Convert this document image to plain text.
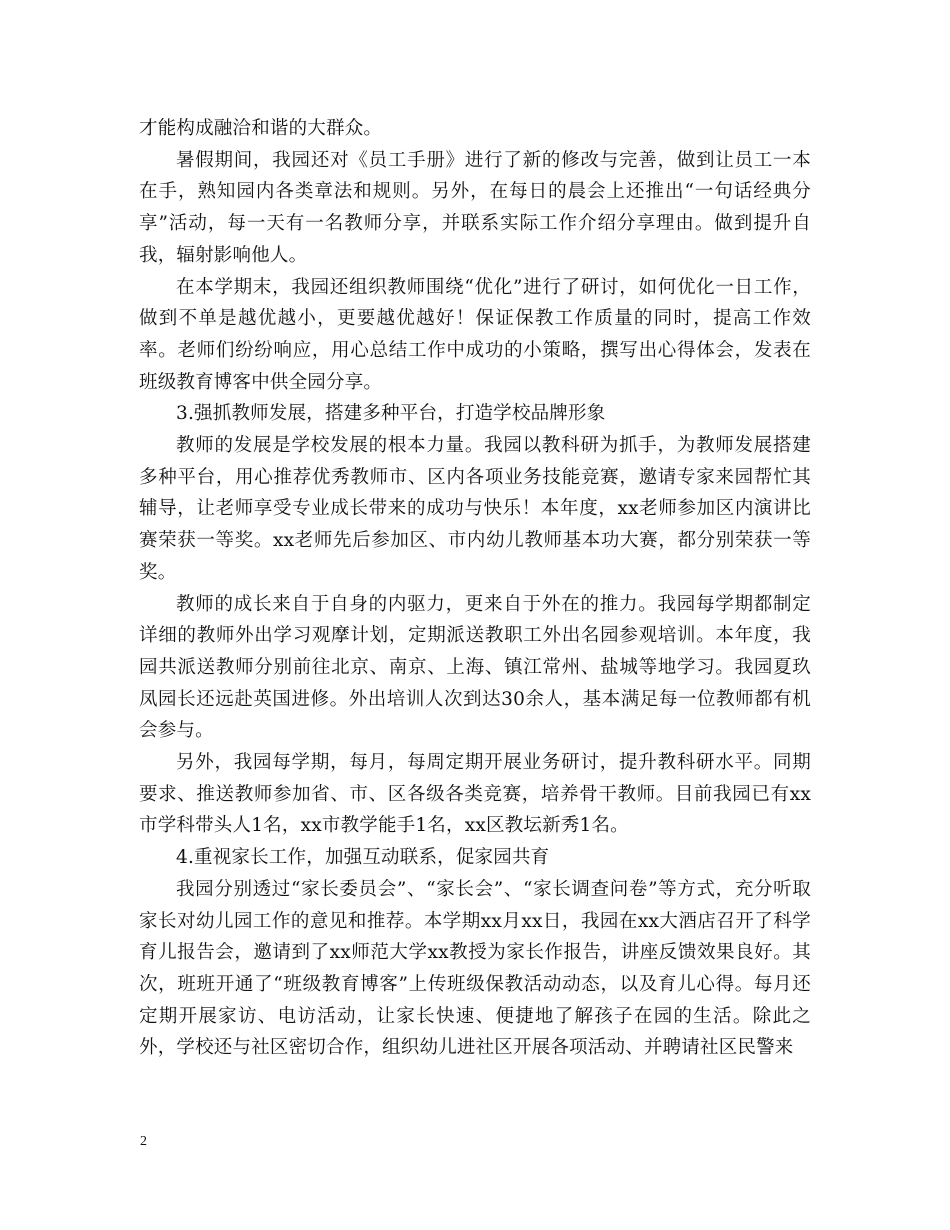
才能构成融洽和谐的大群众。

暑假期间，我园还对《员工手册》进行了新的修改与完善，做到让员工一本在手，熟知园内各类章法和规则。另外，在每日的晨会上还推出“一句话经典分享”活动，每一天有一名教师分享，并联系实际工作介绍分享理由。做到提升自我，辐射影响他人。

在本学期末，我园还组织教师围绕“优化”进行了研讨，如何优化一日工作，做到不单是越优越小，更要越优越好！保证保教工作质量的同时，提高工作效率。老师们纷纷响应，用心总结工作中成功的小策略，撰写出心得体会，发表在班级教育博客中供全园分享。

3.强抓教师发展，搭建多种平台，打造学校品牌形象

教师的发展是学校发展的根本力量。我园以教科研为抓手，为教师发展搭建多种平台，用心推荐优秀教师市、区内各项业务技能竞赛，邀请专家来园帮忙其辅导，让老师享受专业成长带来的成功与快乐！本年度，xx老师参加区内演讲比赛荣获一等奖。xx老师先后参加区、市内幼儿教师基本功大赛，都分别荣获一等奖。

教师的成长来自于自身的内驱力，更来自于外在的推力。我园每学期都制定详细的教师外出学习观摩计划，定期派送教职工外出名园参观培训。本年度，我园共派送教师分别前往北京、南京、上海、镇江常州、盐城等地学习。我园夏玖凤园长还远赴英国进修。外出培训人次到达30余人，基本满足每一位教师都有机会参与。

另外，我园每学期，每月，每周定期开展业务研讨，提升教科研水平。同期要求、推送教师参加省、市、区各级各类竞赛，培养骨干教师。目前我园已有xx市学科带头人1名，xx市教学能手1名，xx区教坛新秀1名。

4.重视家长工作，加强互动联系，促家园共育

我园分别透过“家长委员会”、“家长会”、“家长调查问卷”等方式，充分听取家长对幼儿园工作的意见和推荐。本学期xx月xx日，我园在xx大酒店召开了科学育儿报告会，邀请到了xx师范大学xx教授为家长作报告，讲座反馈效果良好。其次，班班开通了“班级教育博客”上传班级保教活动动态，以及育儿心得。每月还定期开展家访、电访活动，让家长快速、便捷地了解孩子在园的生活。除此之外，学校还与社区密切合作，组织幼儿进社区开展各项活动、并聘请社区民警来

2
